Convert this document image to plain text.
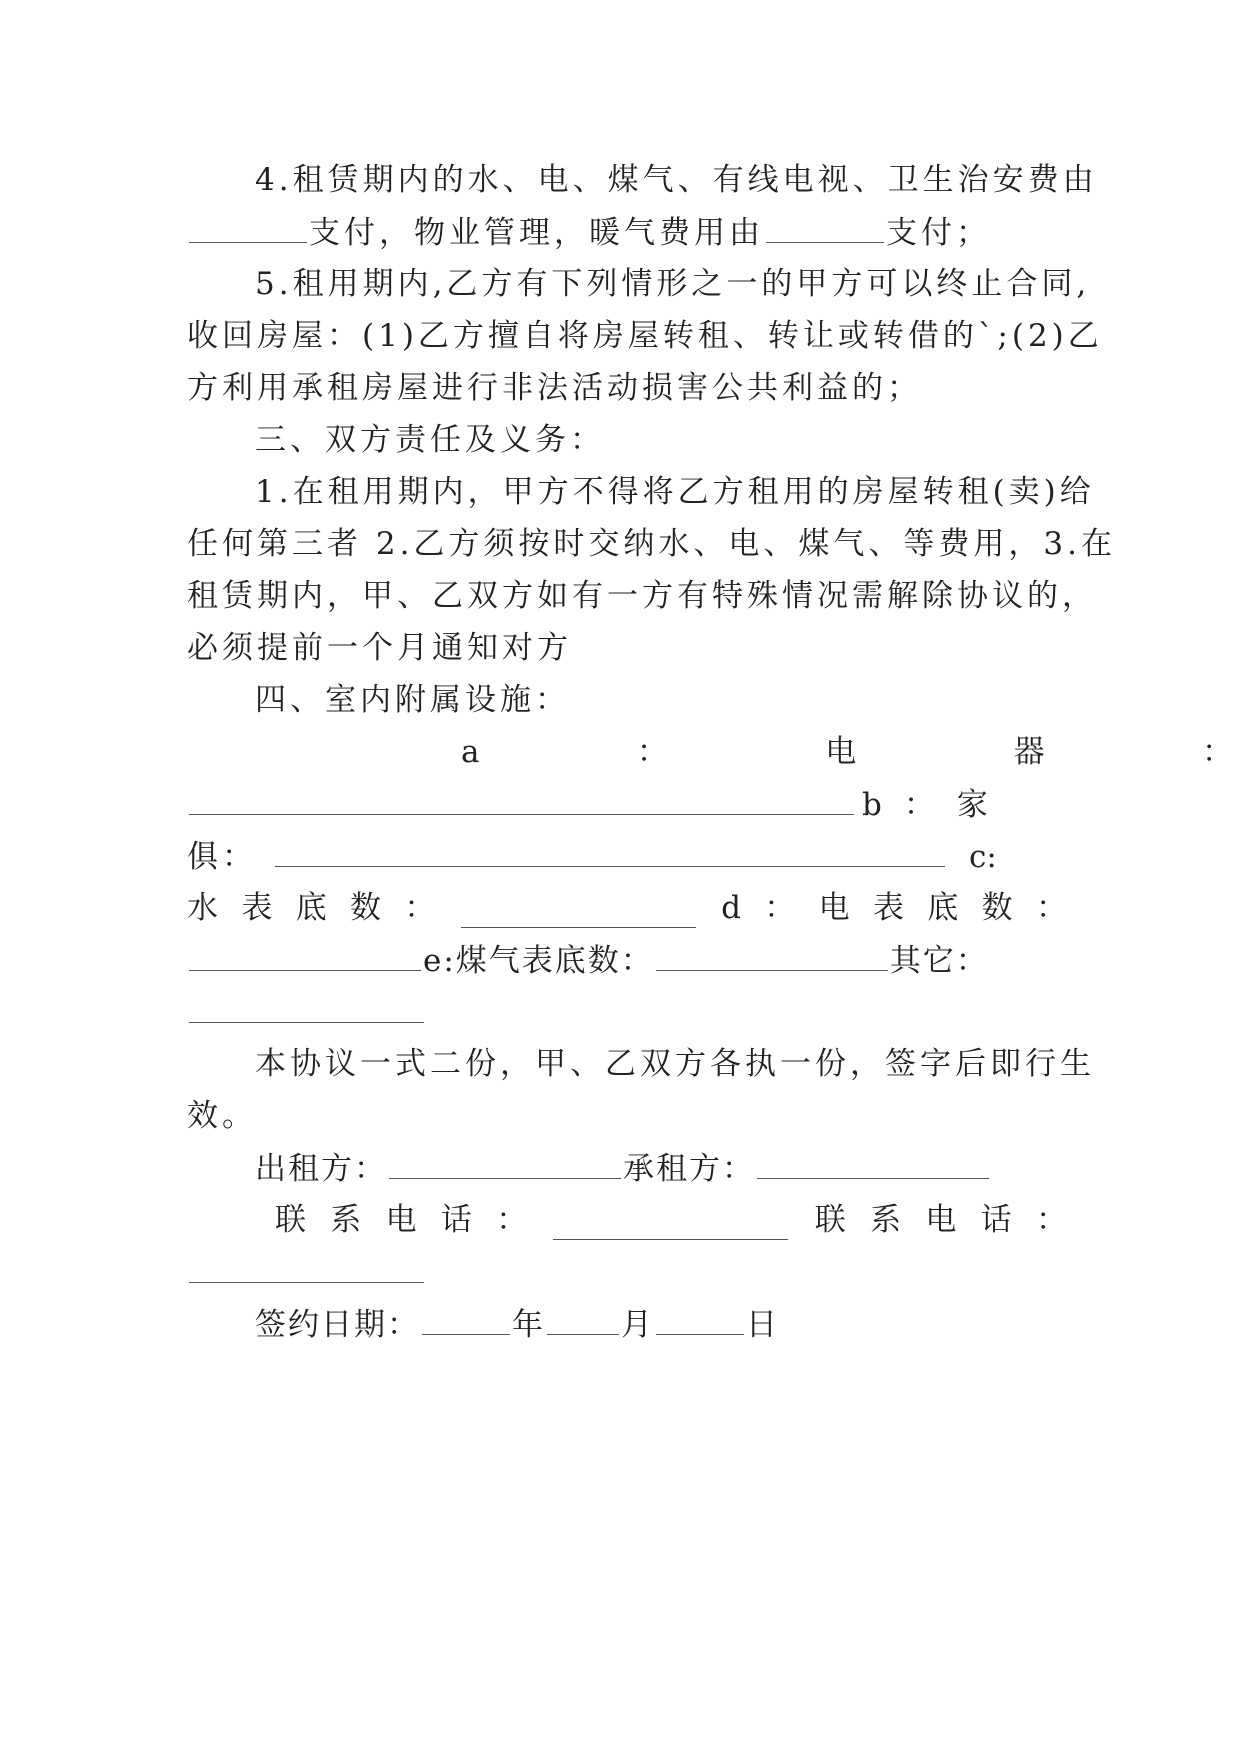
4.租赁期内的水、电、煤气、有线电视、卫生治安费由
支付，物业管理，暖气费用由	支付；
5.租用期内,乙方有下列情形之一的甲方可以终止合同,
收回房屋：(1)乙方擅自将房屋转租、转让或转借的`;(2)乙
方利用承租房屋进行非法活动损害公共利益的；
三、双方责任及义务：
1.在租用期内，甲方不得将乙方租用的房屋转租(卖)给
任何第三者 2.乙方须按时交纳水、电、煤气、等费用，3.在
租赁期内，甲、乙双方如有一方有特殊情况需解除协议的，
必须提前一个月通知对方
四、室内附属设施：
a	：	电	器	：
b ： 家
俱 ：	c:
水 表 底 数 ：	d ： 电 表 底 数 ：
e:煤气表底数：	其它：
本协议一式二份，甲、乙双方各执一份，签字后即行生
效。
出租方：	承租方：
联 系 电 话 ：	联 系 电 话 ：
签约日期：	年 月	日
